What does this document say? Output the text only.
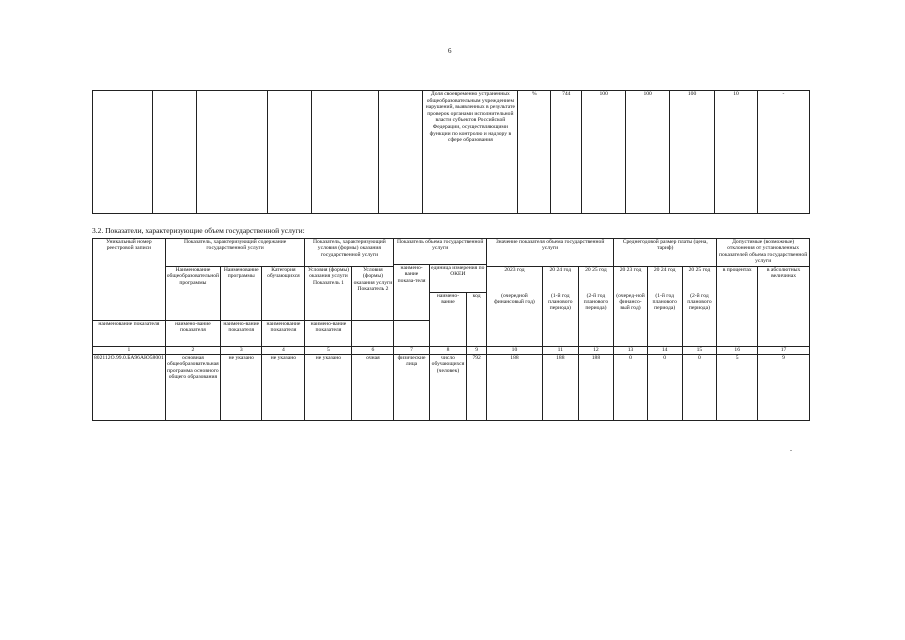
6
						Доля своевременно устраненных общеобразовательным учреждением нарушений, выявленных в результате проверок органами исполнительной власти субъектов Российской Федерации, осуществляющими функции по контролю и надзору в сфере образования	%	744	100	100	100	10	-
3.2. Показатели, характеризующие объем государственной услуги:
Уникальный номер реестровой записи	Показатель, характеризующий содержание государственной услуги			Показатель, характеризующий условия (формы) оказания государственной услуги		Показатель объема государственной услуги			Значение показателя объема государственной услуги			Среднегодовой размер платы (цена, тариф)			Допустимые (возможные) отклонения от установленных показателей объема государственной услуги	
						наимено-вание показа-теля	единица измерения по ОКЕИ									
	Наименование общеобразовательной программы	Наименование программы	Категория обучающихся	Условия (формы) оказания услуги Показатель 1	Условия (формы) оказания услуги Показатель 2				2023 год	20 24 год	20 25 год	20 23 год	20 24 год	20 25 год	в процентах	в абсолютных величинах
							наимено-вание	код	(очередной финансовый год)	(1-й год планового периода)	(2-й год планового периода)	(очеред-ной финансо-вый год)	(1-й год планового периода)	(2-й год планового периода)		
наименование показателя	наимено-вание показателя	наимено-вание показателя	наименование показателя	наимено-вание показателя												
1	2	3	4	5	6	7	8	9	10	11	12	13	14	15	16	17
802112О.99.0.БА96АЮ58001	основная общеобразовательная программа основного общего образования	не указано	не указано	не указано	очная	физические лица	число обучающихся (человек)	792	188	188	188	0	0	0	5	9
-
